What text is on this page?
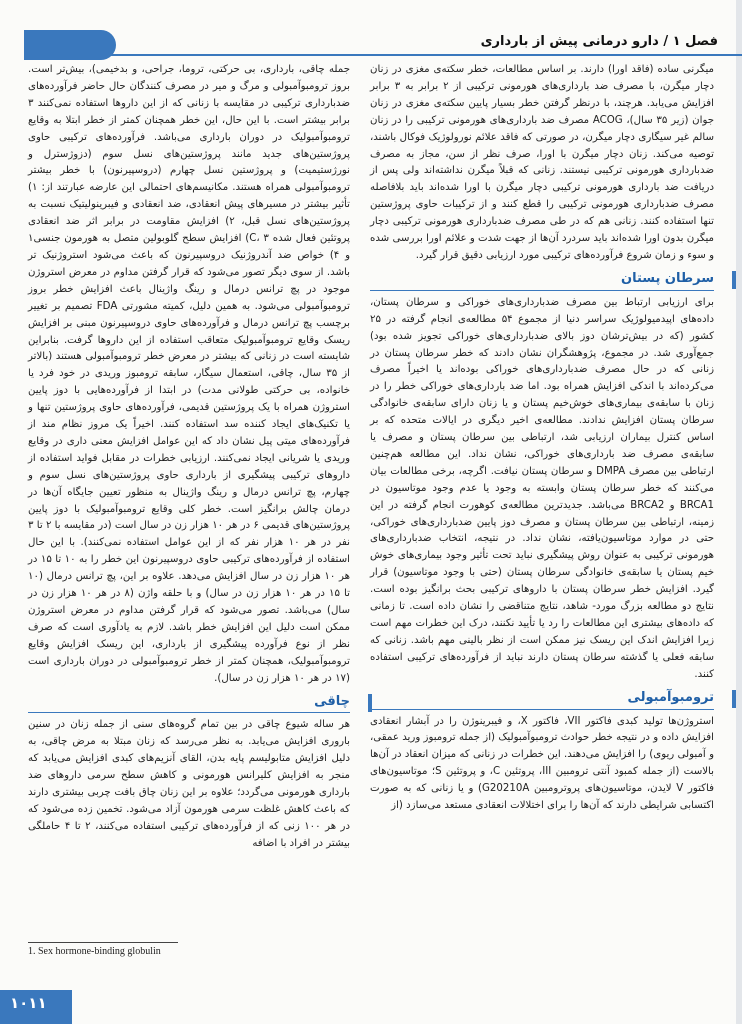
فصل ۱ / دارو درمانی پیش از بارداری

میگرنی ساده (فاقد اورا) دارند. بر اساس مطالعات، خطر سکته‌ی مغزی در زنان دچار میگرن، با مصرف ضد بارداری‌های هورمونی ترکیبی از ۲ برابر به ۳ برابر افزایش می‌یابد. هرچند، با درنظر گرفتن خطر بسیار پایین سکته‌ی مغزی در زنان جوان (زیر ۳۵ سال)، ACOG مصرف ضد بارداری‌های هورمونی ترکیبی را در زنان سالم غیر سیگاری دچار میگرن، در صورتی که فاقد علائم نورولوژیک فوکال باشند، توصیه می‌کند. زنان دچار میگرن با اورا، صرف نظر از سن، مجاز به مصرف ضدبارداری هورمونی ترکیبی نیستند. زنانی که قبلاً میگرن نداشته‌اند ولی پس از دریافت ضد بارداری هورمونی ترکیبی دچار میگرن با اورا شده‌اند باید بلافاصله مصرف ضدبارداری هورمونی ترکیبی را قطع کنند و از ترکیبات حاوی پروژستین تنها استفاده کنند. زنانی هم که در طی مصرف ضدبارداری هورمونی ترکیبی دچار میگرن بدون اورا شده‌اند باید سردرد آن‌ها از جهت شدت و علائم اورا بررسی شده و سوء و زمان شروع فرآورده‌های ترکیبی مورد ارزیابی دقیق قرار گیرد.

سرطان پستان

برای ارزیابی ارتباط بین مصرف ضدبارداری‌های خوراکی و سرطان پستان، داده‌های اپیدمیولوژیک سراسر دنیا از مجموع ۵۴ مطالعه‌ی انجام گرفته در ۲۵ کشور (که در بیش‌ترشان دوز بالای ضدبارداری‌های خوراکی تجویز شده بود) جمع‌آوری شد. در مجموع، پژوهشگران نشان دادند که خطر سرطان پستان در زنانی که در حال مصرف ضدبارداری‌های خوراکی بوده‌اند یا اخیراً مصرف می‌کرده‌اند با اندکی افزایش همراه بود. اما ضد بارداری‌های خوراکی خطر را در زنان با سابقه‌ی بیماری‌های خوش‌خیم پستان و یا زنان دارای سابقه‌ی خانوادگی سرطان پستان افزایش ندادند. مطالعه‌ی اخیر دیگری در ایالات متحده که بر اساس کنترل بیماران ارزیابی شد، ارتباطی بین سرطان پستان و مصرف یا سابقه‌ی مصرف ضد بارداری‌های خوراکی، نشان نداد. این مطالعه هم‌چنین ارتباطی بین مصرف DMPA و سرطان پستان نیافت. اگرچه، برخی مطالعات بیان می‌کنند که خطر سرطان پستان وابسته به وجود یا عدم وجود موتاسیون در BRCA1 و BRCA2 می‌باشد. جدیدترین مطالعه‌ی کوهورت انجام گرفته در این زمینه، ارتباطی بین سرطان پستان و مصرف دوز پایین ضدبارداری‌های خوراکی، حتی در موارد موتاسیون‌یافته، نشان نداد. در نتیجه، انتخاب ضدبارداری‌های هورمونی ترکیبی به عنوان روش پیشگیری نباید تحت تأثیر وجود بیماری‌های خوش خیم پستان یا سابقه‌ی خانوادگی سرطان پستان (حتی با وجود موتاسیون) قرار گیرد. افزایش خطر سرطان پستان با داروهای ترکیبی بحث برانگیز بوده است. نتایج دو مطالعه بزرگ مورد- شاهد، نتایج متناقضی را نشان داده است. تا زمانی که داده‌های بیشتری این مطالعات را رد یا تأیید نکنند، درک این خطرات مهم است زیرا افزایش اندک این ریسک نیز ممکن است از نظر بالینی مهم باشد. زنانی که سابقه فعلی یا گذشته سرطان پستان دارند نباید از فرآورده‌های ترکیبی استفاده کنند.

ترومبوآمبولی

استروژن‌ها تولید کبدی فاکتور VII، فاکتور X، و فیبرینوژن را در آبشار انعقادی افزایش داده و در نتیجه خطر حوادث ترومبوآمبولیک (از جمله ترومبوز ورید عمقی، و آمبولی ریوی) را افزایش می‌دهند. این خطرات در زنانی که میزان انعقاد در آن‌ها بالاست (از جمله کمبود آنتی ترومبین III، پروتئین C، و پروتئین S؛ موتاسیون‌های فاکتور V لایدن، موتاسیون‌های پروترومبین G20210A) و یا زنانی که به صورت اکتسابی شرایطی دارند که آن‌ها را برای اختلالات انعقادی مستعد می‌سازد (از

جمله چاقی، بارداری، بی حرکتی، تروما، جراحی، و بدخیمی)، بیش‌تر است. بروز ترومبوآمبولی و مرگ و میر در مصرف کنندگان حال حاضر فرآورده‌های ضدبارداری ترکیبی در مقایسه با زنانی که از این داروها استفاده نمی‌کنند ۳ برابر بیشتر است. با این حال، این خطر همچنان کمتر از خطر ابتلا به وقایع ترومبوآمبولیک در دوران بارداری می‌باشد. فرآورده‌های ترکیبی حاوی پروژستین‌های جدید مانند پروژستین‌های نسل سوم (دزوژسترل و نورژستیمیت) و پروژستین نسل چهارم (دروسپیرنون) با خطر بیشتر ترومبوآمبولی همراه هستند. مکانیسم‌های احتمالی این عارضه عبارتند از: ۱) تأثیر بیشتر در مسیرهای پیش انعقادی، ضد انعقادی و فیبرینولیتیک نسبت به پروژستین‌های نسل قبل، ۲) افزایش مقاومت در برابر اثر ضد انعقادی پروتئین فعال شده C، ۳) افزایش سطح گلوبولین متصل به هورمون جنسی۱ و ۴) خواص ضد آندروژنیک دروسپیرنون که باعث می‌شود استروژنیک تر باشد. از سوی دیگر تصور می‌شود که قرار گرفتن مداوم در معرض استروژن موجود در پچ ترانس درمال و رینگ واژینال باعث افزایش خطر بروز ترومبوآمبولی می‌شود. به همین دلیل، کمیته مشورتی FDA تصمیم بر تغییر برچسب پچ ترانس درمال و فرآورده‌های حاوی دروسپیرنون مبنی بر افزایش ریسک وقایع ترومبوآمبولیک متعاقب استفاده از این داروها گرفت. بنابراین شایسته است در زنانی که بیشتر در معرض خطر ترومبوآمبولی هستند (بالاتر از ۳۵ سال، چاقی، استعمال سیگار، سابقه ترومبوز وریدی در خود فرد یا خانواده، بی حرکتی طولانی مدت) در ابتدا از فرآورده‌هایی با دوز پایین استروژن همراه با یک پروژستین قدیمی، فرآورده‌های حاوی پروژستین تنها و یا تکنیک‌های ایجاد کننده سد استفاده کنند. اخیراً یک مروز نظام مند از فرآورده‌های میتی پیل نشان داد که این عوامل افزایش معنی داری در وقایع وریدی یا شریانی ایجاد نمی‌کنند. ارزیابی خطرات در مقابل فواید استفاده از داروهای ترکیبی پیشگیری از بارداری حاوی پروژستین‌های نسل سوم و چهارم، پچ ترانس درمال و رینگ واژینال به منظور تعیین جایگاه آن‌ها در درمان چالش برانگیز است. خطر کلی وقایع ترومبوآمبولیک با دوز پایین پروژستین‌های قدیمی ۶ در هر ۱۰ هزار زن در سال است (در مقایسه با ۲ تا ۳ نفر در هر ۱۰ هزار نفر که از این عوامل استفاده نمی‌کنند). با این حال استفاده از فرآورده‌های ترکیبی حاوی دروسپیرنون این خطر را به ۱۰ تا ۱۵ در هر ۱۰ هزار زن در سال افزایش می‌دهد. علاوه بر این، پچ ترانس درمال (۱۰ تا ۱۵ در هر ۱۰ هزار زن در سال) و با حلقه واژن (۸ در هر ۱۰ هزار زن در سال) می‌باشد. تصور می‌شود که قرار گرفتن مداوم در معرض استروژن ممکن است دلیل این افزایش خطر باشد. لازم به یادآوری است که صرف نظر از نوع فرآورده پیشگیری از بارداری، این ریسک افزایش وقایع ترومبوآمبولیک، همچنان کمتر از خطر ترومبوآمبولی در دوران بارداری است (۱۷ در هر ۱۰ هزار زن در سال).

چاقی

هر ساله شیوع چاقی در بین تمام گروه‌های سنی از جمله زنان در سنین باروری افزایش می‌یابد. به نظر می‌رسد که زنان مبتلا به مرض چاقی، به دلیل افزایش متابولیسم پایه بدن، القای آنزیم‌های کبدی افزایش می‌یابد که منجر به افزایش کلیرانس هورمونی و کاهش سطح سرمی داروهای ضد بارداری هورمونی می‌گردد؛ علاوه بر این زنان چاق بافت چربی بیشتری دارند که باعث کاهش غلظت سرمی هورمون آزاد می‌شود. تخمین زده می‌شود که در هر ۱۰۰ زنی که از فرآورده‌های ترکیبی استفاده می‌کنند، ۲ تا ۴ حاملگی بیشتر در افراد با اضافه

1. Sex hormone-binding globulin
۱۰۱۱
